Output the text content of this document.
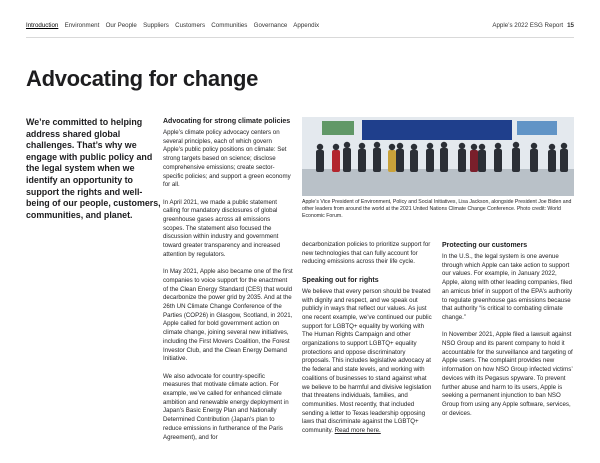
Introduction Environment Our People Suppliers Customers Communities Governance Appendix	Apple’s 2022 ESG Report 15
Advocating for change
We’re committed to helping address shared global challenges. That’s why we engage with public policy and the legal system when we identify an opportunity to support the rights and well-being of our people, customers, communities, and planet.
Advocating for strong climate policies

Apple’s climate policy advocacy centers on several principles, each of which govern Apple’s public policy positions on climate: Set strong targets based on science; disclose comprehensive emissions; create sector-specific policies; and support a green economy for all.

In April 2021, we made a public statement calling for mandatory disclosures of global greenhouse gases across all emissions scopes. The statement also focused the discussion within industry and government toward greater transparency and increased attention by regulators.

In May 2021, Apple also became one of the first companies to voice support for the enactment of the Clean Energy Standard (CES) that would decarbonize the power grid by 2035. And at the 26th UN Climate Change Conference of the Parties (COP26) in Glasgow, Scotland, in 2021, Apple called for bold government action on climate change, joining several new initiatives, including the First Movers Coalition, the Forest Investor Club, and the Clean Energy Demand Initiative.

We also advocate for country-specific measures that motivate climate action. For example, we’ve called for enhanced climate ambition and renewable energy deployment in Japan’s Basic Energy Plan and Nationally Determined Contribution (Japan’s plan to reduce emissions in furtherance of the Paris Agreement), and for

Apple’s Vice President of Environment, Policy and Social Initiatives, Lisa Jackson, alongside President Joe Biden and other leaders from around the world at the 2021 United Nations Climate Change Conference. Photo credit: World Economic Forum.

decarbonization policies to prioritize support for new technologies that can fully account for reducing emissions across their life cycle.

Speaking out for rights

We believe that every person should be treated with dignity and respect, and we speak out publicly in ways that reflect our values. As just one recent example, we’ve continued our public support for LGBTQ+ equality by working with The Human Rights Campaign and other organizations to support LGBTQ+ equality protections and oppose discriminatory proposals. This includes legislative advocacy at the federal and state levels, and working with coalitions of businesses to stand against what we believe to be harmful and divisive legislation that threatens individuals, families, and communities. Most recently, that included sending a letter to Texas leadership opposing laws that discriminate against the LGBTQ+ community. Read more here.

Protecting our customers

In the U.S., the legal system is one avenue through which Apple can take action to support our values. For example, in January 2022, Apple, along with other leading companies, filed an amicus brief in support of the EPA’s authority to regulate greenhouse gas emissions because that authority “is critical to combating climate change.”

In November 2021, Apple filed a lawsuit against NSO Group and its parent company to hold it accountable for the surveillance and targeting of Apple users. The complaint provides new information on how NSO Group infected victims’ devices with its Pegasus spyware. To prevent further abuse and harm to its users, Apple is seeking a permanent injunction to ban NSO Group from using any Apple software, services, or devices.
